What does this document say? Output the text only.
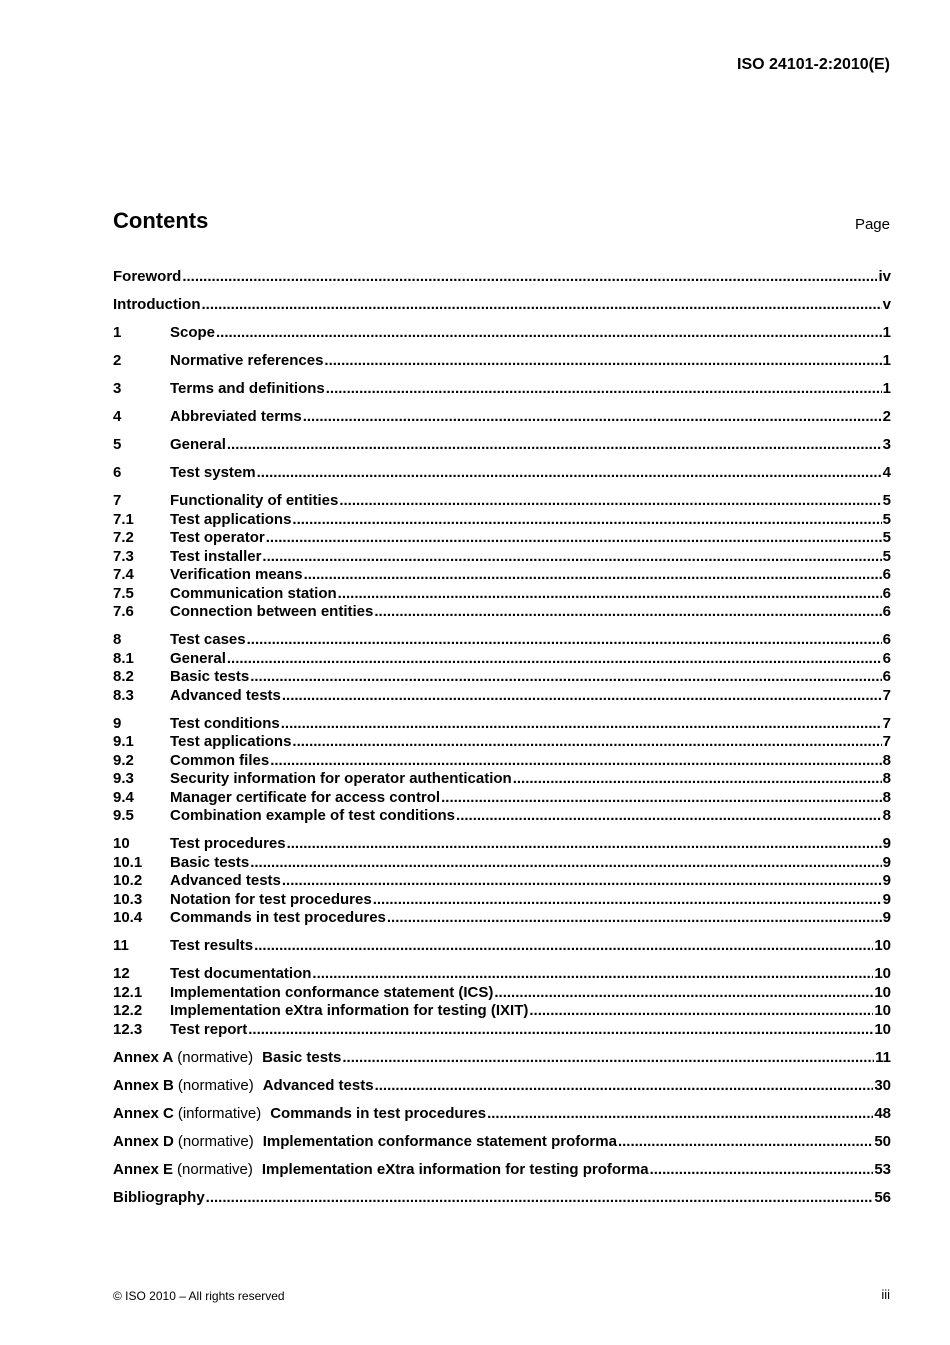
ISO 24101-2:2010(E)
Contents	Page
Foreword .....	iv
Introduction .....	v
1	Scope .....	1
2	Normative references .....	1
3	Terms and definitions .....	1
4	Abbreviated terms .....	2
5	General .....	3
6	Test system .....	4
7	Functionality of entities .....	5
7.1	Test applications .....	5
7.2	Test operator .....	5
7.3	Test installer .....	5
7.4	Verification means .....	6
7.5	Communication station .....	6
7.6	Connection between entities .....	6
8	Test cases .....	6
8.1	General .....	6
8.2	Basic tests .....	6
8.3	Advanced tests .....	7
9	Test conditions .....	7
9.1	Test applications .....	7
9.2	Common files .....	8
9.3	Security information for operator authentication .....	8
9.4	Manager certificate for access control .....	8
9.5	Combination example of test conditions .....	8
10	Test procedures .....	9
10.1	Basic tests .....	9
10.2	Advanced tests .....	9
10.3	Notation for test procedures .....	9
10.4	Commands in test procedures .....	9
11	Test results .....	10
12	Test documentation .....	10
12.1	Implementation conformance statement (ICS) .....	10
12.2	Implementation eXtra information for testing (IXIT) .....	10
12.3	Test report .....	10
Annex A (normative) Basic tests .....	11
Annex B (normative) Advanced tests .....	30
Annex C (informative) Commands in test procedures .....	48
Annex D (normative) Implementation conformance statement proforma .....	50
Annex E (normative) Implementation eXtra information for testing proforma .....	53
Bibliography .....	56
© ISO 2010 – All rights reserved	iii
